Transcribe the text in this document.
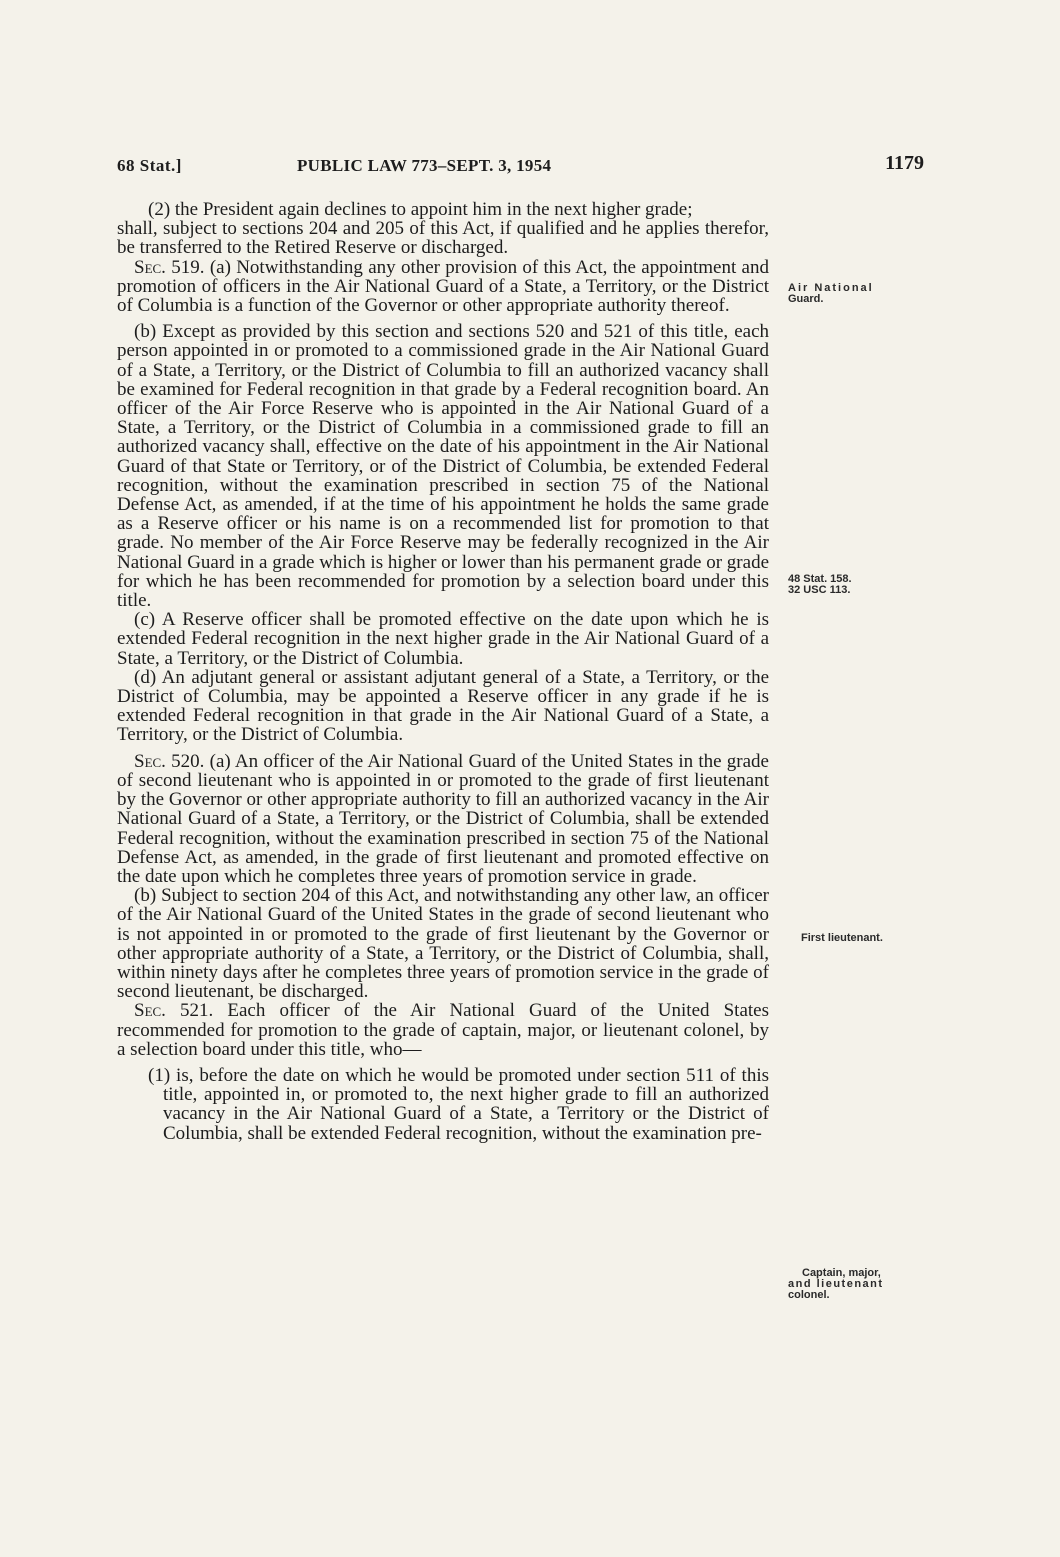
68 Stat.]	PUBLIC LAW 773–SEPT. 3, 1954	1179

(2) the President again declines to appoint him in the next higher grade;

shall, subject to sections 204 and 205 of this Act, if qualified and he applies therefor, be transferred to the Retired Reserve or discharged.

Sec. 519. (a) Notwithstanding any other provision of this Act, the appointment and promotion of officers in the Air National Guard of a State, a Territory, or the District of Columbia is a function of the Governor or other appropriate authority thereof.

(b) Except as provided by this section and sections 520 and 521 of this title, each person appointed in or promoted to a commissioned grade in the Air National Guard of a State, a Territory, or the District of Columbia to fill an authorized vacancy shall be examined for Federal recognition in that grade by a Federal recognition board. An officer of the Air Force Reserve who is appointed in the Air National Guard of a State, a Territory, or the District of Columbia in a commissioned grade to fill an authorized vacancy shall, effective on the date of his appointment in the Air National Guard of that State or Territory, or of the District of Columbia, be extended Federal recognition, without the examination prescribed in section 75 of the National Defense Act, as amended, if at the time of his appointment he holds the same grade as a Reserve officer or his name is on a recommended list for promotion to that grade. No member of the Air Force Reserve may be federally recognized in the Air National Guard in a grade which is higher or lower than his permanent grade or grade for which he has been recommended for promotion by a selection board under this title.

(c) A Reserve officer shall be promoted effective on the date upon which he is extended Federal recognition in the next higher grade in the Air National Guard of a State, a Territory, or the District of Columbia.

(d) An adjutant general or assistant adjutant general of a State, a Territory, or the District of Columbia, may be appointed a Reserve officer in any grade if he is extended Federal recognition in that grade in the Air National Guard of a State, a Territory, or the District of Columbia.

Sec. 520. (a) An officer of the Air National Guard of the United States in the grade of second lieutenant who is appointed in or promoted to the grade of first lieutenant by the Governor or other appropriate authority to fill an authorized vacancy in the Air National Guard of a State, a Territory, or the District of Columbia, shall be extended Federal recognition, without the examination prescribed in section 75 of the National Defense Act, as amended, in the grade of first lieutenant and promoted effective on the date upon which he completes three years of promotion service in grade.

(b) Subject to section 204 of this Act, and notwithstanding any other law, an officer of the Air National Guard of the United States in the grade of second lieutenant who is not appointed in or promoted to the grade of first lieutenant by the Governor or other appropriate authority of a State, a Territory, or the District of Columbia, shall, within ninety days after he completes three years of promotion service in the grade of second lieutenant, be discharged.

Sec. 521. Each officer of the Air National Guard of the United States recommended for promotion to the grade of captain, major, or lieutenant colonel, by a selection board under this title, who—

(1) is, before the date on which he would be promoted under section 511 of this title, appointed in, or promoted to, the next higher grade to fill an authorized vacancy in the Air National Guard of a State, a Territory or the District of Columbia, shall be extended Federal recognition, without the examination pre-

Air National
Guard.
48 Stat. 158.
32 USC 113.
First lieutenant.
Captain, major,
and lieutenant
colonel.
